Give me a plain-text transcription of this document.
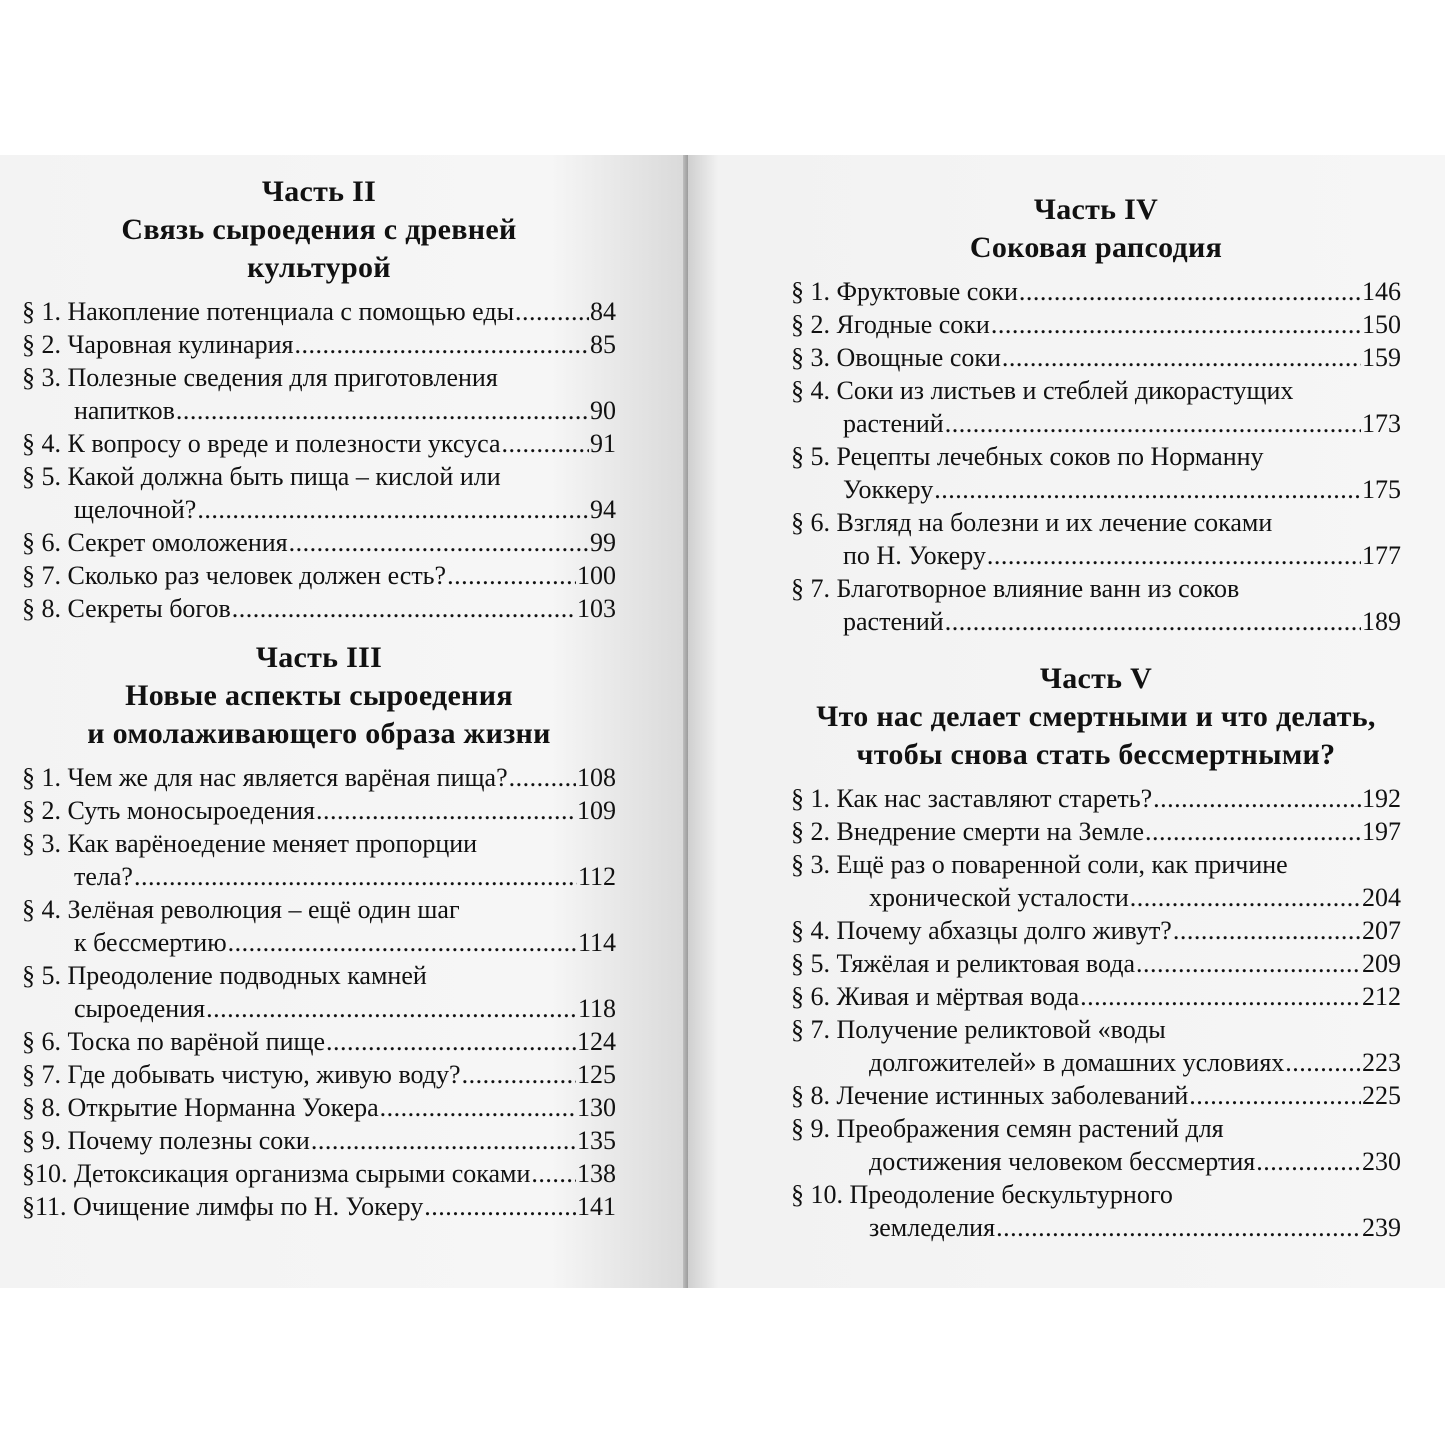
Часть II
Связь сыроедения с древней
культурой
§ 1. Накопление потенциала с помощью еды .....	84
§ 2. Чаровная кулинария .....	85
§ 3. Полезные сведения для приготовления
напитков .....	90
§ 4. К вопросу о вреде и полезности уксуса .....	91
§ 5. Какой должна быть пища – кислой или
щелочной? .....	94
§ 6. Секрет омоложения .....	99
§ 7. Сколько раз человек должен есть? .....	100
§ 8. Секреты богов .....	103
Часть III
Новые аспекты сыроедения
и омолаживающего образа жизни
§ 1. Чем же для нас является варёная пища? .....	108
§ 2. Суть моносыроедения .....	109
§ 3. Как варёноедение меняет пропорции
тела? .....	112
§ 4. Зелёная революция – ещё один шаг
к бессмертию .....	114
§ 5. Преодоление подводных камней
сыроедения .....	118
§ 6. Тоска по варёной пище .....	124
§ 7. Где добывать чистую, живую воду? .....	125
§ 8. Открытие Норманна Уокера .....	130
§ 9. Почему полезны соки .....	135
§10. Детоксикация организма сырыми соками ..... 138
§11. Очищение лимфы по Н. Уокеру .....	141
Часть IV
Соковая рапсодия
§ 1. Фруктовые соки .....	146
§ 2. Ягодные соки .....	150
§ 3. Овощные соки .....	159
§ 4. Соки из листьев и стеблей дикорастущих
растений .....	173
§ 5. Рецепты лечебных соков по Норманну
Уоккеру .....	175
§ 6. Взгляд на болезни и их лечение соками
по Н. Уокеру .....	177
§ 7. Благотворное влияние ванн из соков
растений .....	189
Часть V
Что нас делает смертными и что делать,
чтобы снова стать бессмертными?
§ 1. Как нас заставляют стареть? .....	192
§ 2. Внедрение смерти на Земле .....	197
§ 3. Ещё раз о поваренной соли, как причине
хронической усталости .....	204
§ 4. Почему абхазцы долго живут? .....	207
§ 5. Тяжёлая и реликтовая вода .....	209
§ 6. Живая и мёртвая вода .....	212
§ 7. Получение реликтовой «воды
долгожителей» в домашних условиях .....	223
§ 8. Лечение истинных заболеваний .....	225
§ 9. Преображения семян растений для
достижения человеком бессмертия .....	230
§ 10. Преодоление бескультурного
земледелия .....	239
